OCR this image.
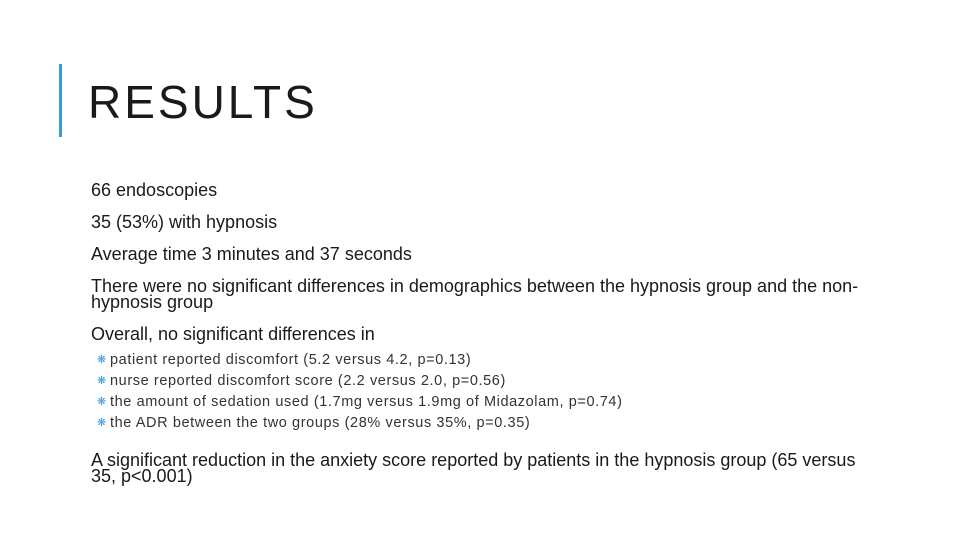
RESULTS

66 endoscopies

35 (53%) with hypnosis

Average time 3 minutes and 37 seconds

There were no significant differences in demographics between the hypnosis group and the non-hypnosis group

Overall, no significant differences in

❋ patient reported discomfort (5.2 versus 4.2, p=0.13)
❋ nurse reported discomfort score (2.2 versus 2.0, p=0.56)
❋ the amount of sedation used (1.7mg versus 1.9mg of Midazolam, p=0.74)
❋ the ADR between the two groups (28% versus 35%, p=0.35)

A significant reduction in the anxiety score reported by patients in the hypnosis group (65 versus 35, p<0.001)
